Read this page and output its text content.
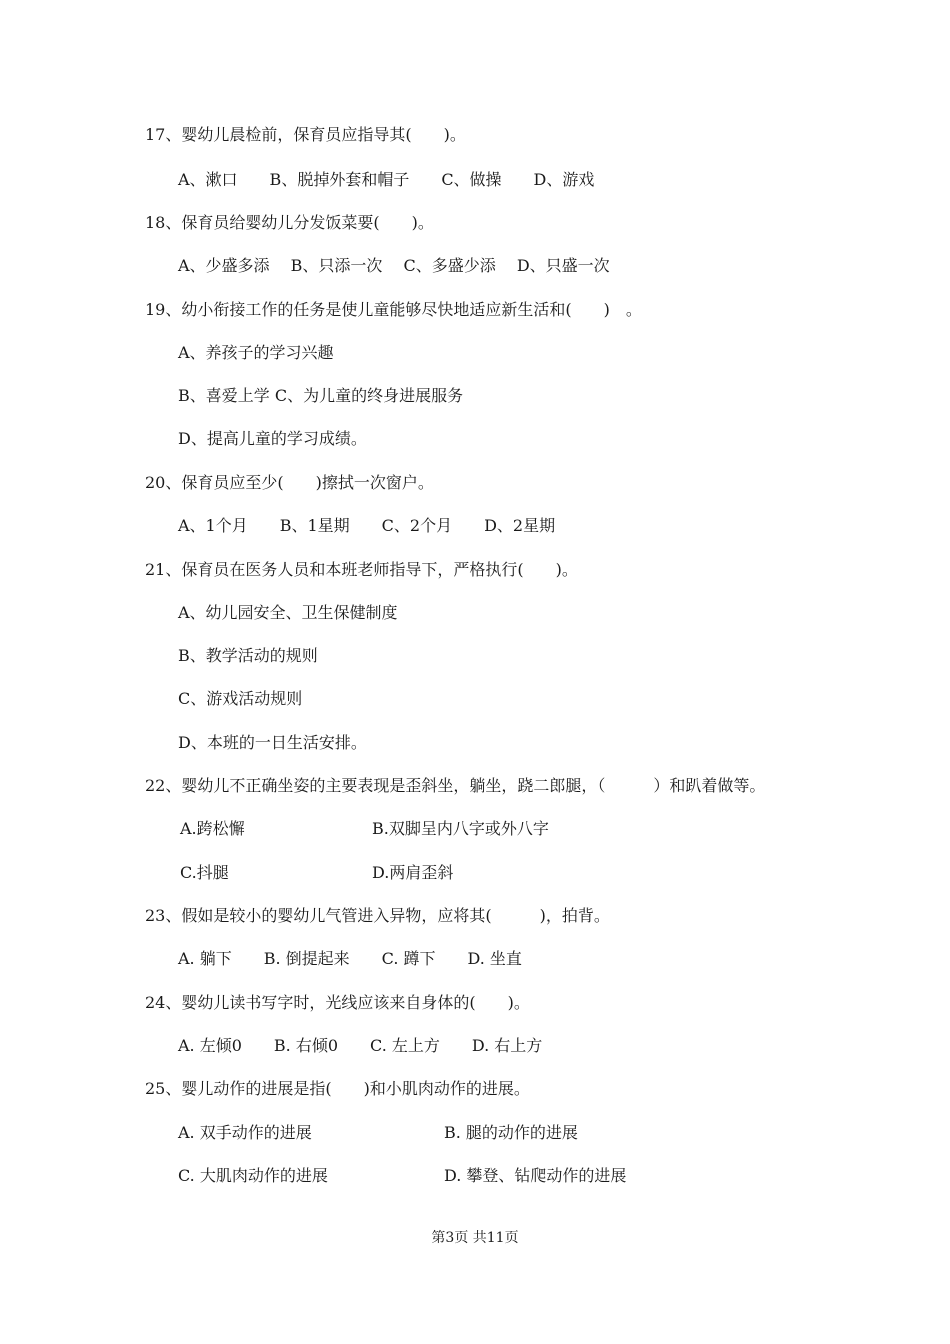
17、婴幼儿晨检前，保育员应指导其(　　)。
A、漱口　　B、脱掉外套和帽子　　C、做操　　D、游戏
18、保育员给婴幼儿分发饭菜要(　　)。
A、少盛多添　 B、只添一次　 C、多盛少添　 D、只盛一次
19、幼小衔接工作的任务是使儿童能够尽快地适应新生活和(　　)　。
A、养孩子的学习兴趣
B、喜爱上学 C、为儿童的终身进展服务
D、提高儿童的学习成绩。
20、保育员应至少(　　)擦拭一次窗户。
A、1个月　　B、1星期　　C、2个月　　D、2星期
21、保育员在医务人员和本班老师指导下，严格执行(　　)。
A、幼儿园安全、卫生保健制度
B、教学活动的规则
C、游戏活动规则
D、本班的一日生活安排。
22、婴幼儿不正确坐姿的主要表现是歪斜坐，躺坐，跷二郎腿，（　　　）和趴着做等。
A.跨松懈	B.双脚呈内八字或外八字
C.抖腿	D.两肩歪斜
23、假如是较小的婴幼儿气管进入异物，应将其(　　　)，拍背。
A. 躺下　　B. 倒提起来　　C. 蹲下　　D. 坐直
24、婴幼儿读书写字时，光线应该来自身体的(　　)。
A. 左倾0　　B. 右倾0　　C. 左上方　　D. 右上方
25、婴儿动作的进展是指(　　)和小肌肉动作的进展。
A. 双手动作的进展	B. 腿的动作的进展
C. 大肌肉动作的进展	D. 攀登、钻爬动作的进展
第3页 共11页
